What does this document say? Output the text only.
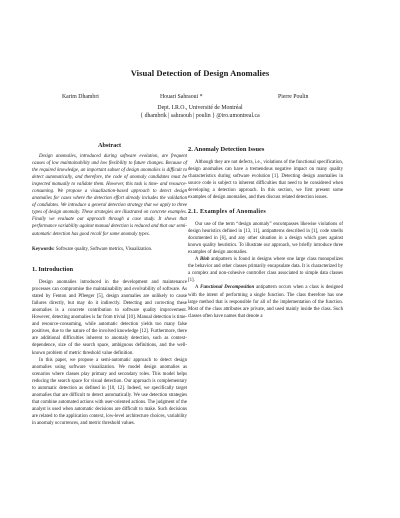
Visual Detection of Design Anomalies
Karim Dhambri	Houari Sahraoui *	Pierre Poulin
Dept. I.R.O., Université de Montréal
{ dhambrik | sahraouh | poulin } @iro.umontreal.ca

Abstract

Design anomalies, introduced during software evolution, are frequent causes of low maintainability and low flexibility to future changes. Because of the required knowledge, an important subset of design anomalies is difficult to detect automatically, and therefore, the code of anomaly candidates must be inspected manually to validate them. However, this task is time- and resource-consuming. We propose a visualization-based approach to detect design anomalies for cases where the detection effort already includes the validation of candidates. We introduce a general detection strategy that we apply to three types of design anomaly. These strategies are illustrated on concrete examples. Finally we evaluate our approach through a case study. It shows that performance variability against manual detection is reduced and that our semi-automatic detection has good recall for some anomaly types.

Keywords: Software quality, Software metrics, Visualization.

1. Introduction

Design anomalies introduced in the development and maintenance processes can compromise the maintainability and evolvability of software. As stated by Fenton and Pfleeger [5], design anomalies are unlikely to cause failures directly, but may do it indirectly. Detecting and correcting these anomalies is a concrete contribution to software quality improvement. However, detecting anomalies is far from trivial [10]. Manual detection is time- and resource-consuming, while automatic detection yields too many false positives, due to the nature of the involved knowledge [12]. Furthermore, there are additional difficulties inherent to anomaly detection, such as context-dependence, size of the search space, ambiguous definitions, and the well-known problem of metric threshold value definition.

In this paper, we propose a semi-automatic approach to detect design anomalies using software visualization. We model design anomalies as scenarios where classes play primary and secondary roles. This model helps reducing the search space for visual detection. Our approach is complementary to automatic detection as defined in [10, 12]. Indeed, we specifically target anomalies that are difficult to detect automatically. We use detection strategies that combine automated actions with user-oriented actions. The judgment of the analyst is used when automatic decisions are difficult to make. Such decisions are related to the application context, low-level architecture choices, variability in anomaly occurrences, and metric threshold values.

2. Anomaly Detection Issues

Although they are not defects, i.e., violations of the functional specification, design anomalies can have a tremendous negative impact on many quality characteristics during software evolution [1]. Detecting design anomalies in source code is subject to inherent difficulties that need to be considered when developing a detection approach. In this section, we first present some examples of design anomalies, and then discuss related detection issues.

2.1. Examples of Anomalies

Our use of the term “design anomaly” encompasses likewise violations of design heuristics defined in [13, 11], antipatterns described in [1], code smells documented in [6], and any other situation in a design which goes against known quality heuristics. To illustrate our approach, we briefly introduce three examples of design anomalies.

A Blob antipattern is found in designs where one large class monopolizes the behavior and other classes primarily encapsulate data. It is characterized by a complex and non-cohesive controller class associated to simple data classes [1].

A Functional Decomposition antipattern occurs when a class is designed with the intent of performing a single function. The class therefore has one large method that is responsible for all of the implementation of the function. Most of the class attributes are private, and used mainly inside the class. Such classes often have names that denote a
